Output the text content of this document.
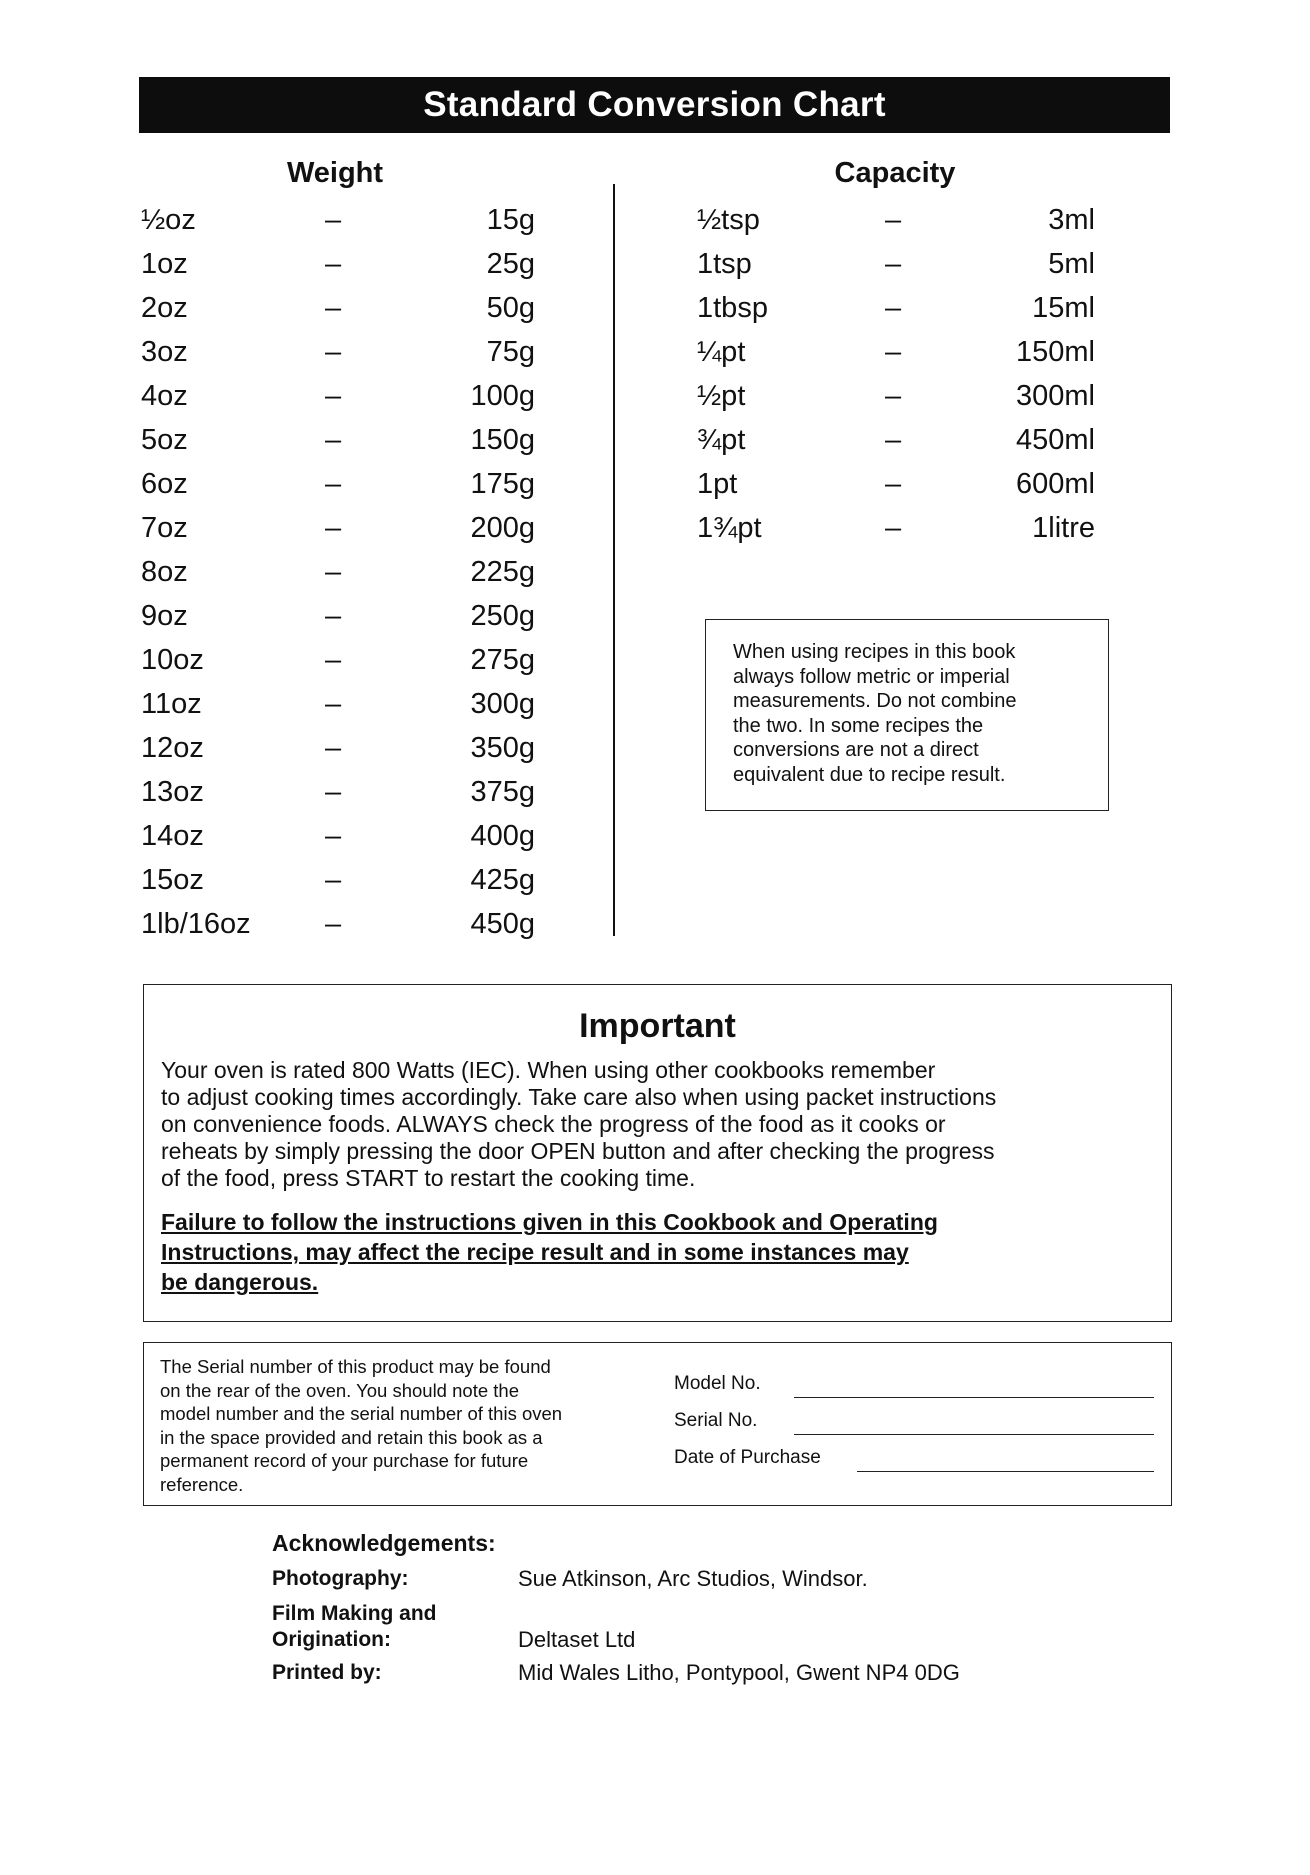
Standard Conversion Chart
Weight	Capacity
½oz	–	15g
1oz	–	25g
2oz	–	50g
3oz	–	75g
4oz	–	100g
5oz	–	150g
6oz	–	175g
7oz	–	200g
8oz	–	225g
9oz	–	250g
10oz	–	275g
11oz	–	300g
12oz	–	350g
13oz	–	375g
14oz	–	400g
15oz	–	425g
1lb/16oz	–	450g
½tsp	–	3ml
1tsp	–	5ml
1tbsp	–	15ml
¼pt	–	150ml
½pt	–	300ml
¾pt	–	450ml
1pt	–	600ml
1¾pt	–	1litre
When using recipes in this book
always follow metric or imperial
measurements. Do not combine
the two. In some recipes the
conversions are not a direct
equivalent due to recipe result.
Important
Your oven is rated 800 Watts (IEC). When using other cookbooks remember
to adjust cooking times accordingly. Take care also when using packet instructions
on convenience foods. ALWAYS check the progress of the food as it cooks or
reheats by simply pressing the door OPEN button and after checking the progress
of the food, press START to restart the cooking time.
Failure to follow the instructions given in this Cookbook and Operating
Instructions, may affect the recipe result and in some instances may
be dangerous.
The Serial number of this product may be found
on the rear of the oven. You should note the
model number and the serial number of this oven
in the space provided and retain this book as a
permanent record of your purchase for future
reference.
Model No.
Serial No.
Date of Purchase
Acknowledgements:
Photography:	Sue Atkinson, Arc Studios, Windsor.
Film Making and
Origination:	Deltaset Ltd
Printed by:	Mid Wales Litho, Pontypool, Gwent NP4 0DG
